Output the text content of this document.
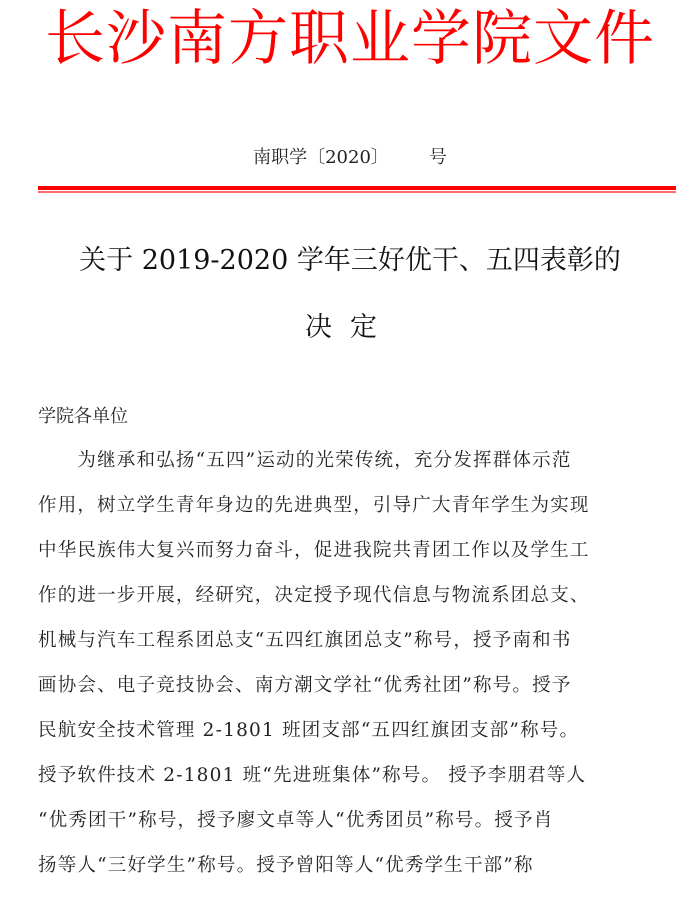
长沙南方职业学院文件
南职学〔2020〕 号
关于 2019-2020 学年三好优干、五四表彰的
决定
学院各单位
　　为继承和弘扬“五四”运动的光荣传统，充分发挥群体示范
作用，树立学生青年身边的先进典型，引导广大青年学生为实现
中华民族伟大复兴而努力奋斗，促进我院共青团工作以及学生工
作的进一步开展，经研究，决定授予现代信息与物流系团总支、
机械与汽车工程系团总支“五四红旗团总支”称号，授予南和书
画协会、电子竞技协会、南方潮文学社“优秀社团”称号。授予
民航安全技术管理 2-1801 班团支部“五四红旗团支部”称号。
授予软件技术 2-1801 班“先进班集体”称号。 授予李朋君等人
“优秀团干”称号，授予廖文卓等人“优秀团员”称号。授予肖
扬等人“三好学生”称号。授予曾阳等人“优秀学生干部”称
